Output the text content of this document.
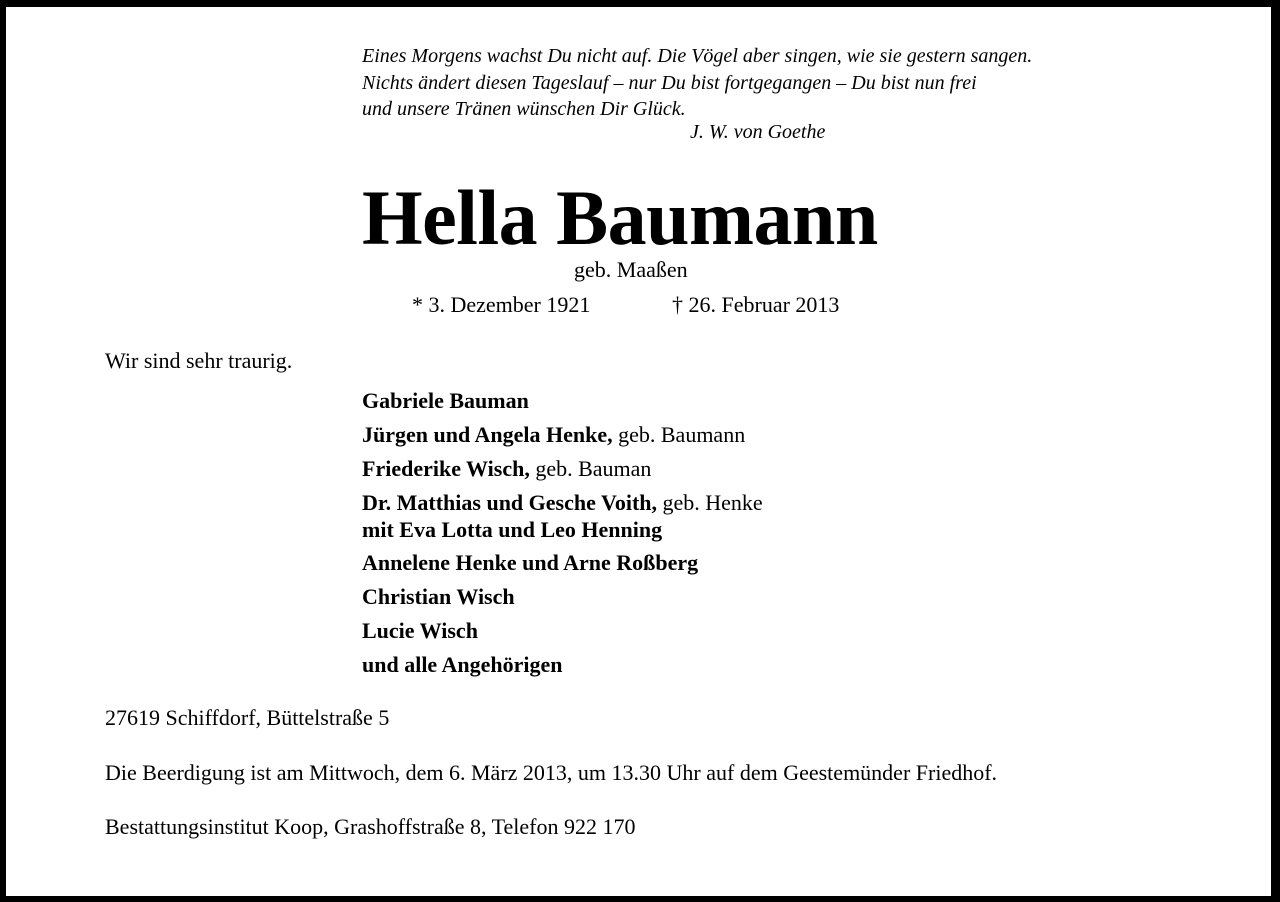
Eines Morgens wachst Du nicht auf. Die Vögel aber singen, wie sie gestern sangen.
Nichts ändert diesen Tageslauf – nur Du bist fortgegangen – Du bist nun frei
und unsere Tränen wünschen Dir Glück.
J. W. von Goethe
Hella Baumann
geb. Maaßen
* 3. Dezember 1921	† 26. Februar 2013
Wir sind sehr traurig.
Gabriele Bauman
Jürgen und Angela Henke, geb. Baumann
Friederike Wisch, geb. Bauman
Dr. Matthias und Gesche Voith, geb. Henke
mit Eva Lotta und Leo Henning
Annelene Henke und Arne Roßberg
Christian Wisch
Lucie Wisch
und alle Angehörigen
27619 Schiffdorf, Büttelstraße 5
Die Beerdigung ist am Mittwoch, dem 6. März 2013, um 13.30 Uhr auf dem Geestemünder Friedhof.
Bestattungsinstitut Koop, Grashoffstraße 8, Telefon 922 170
